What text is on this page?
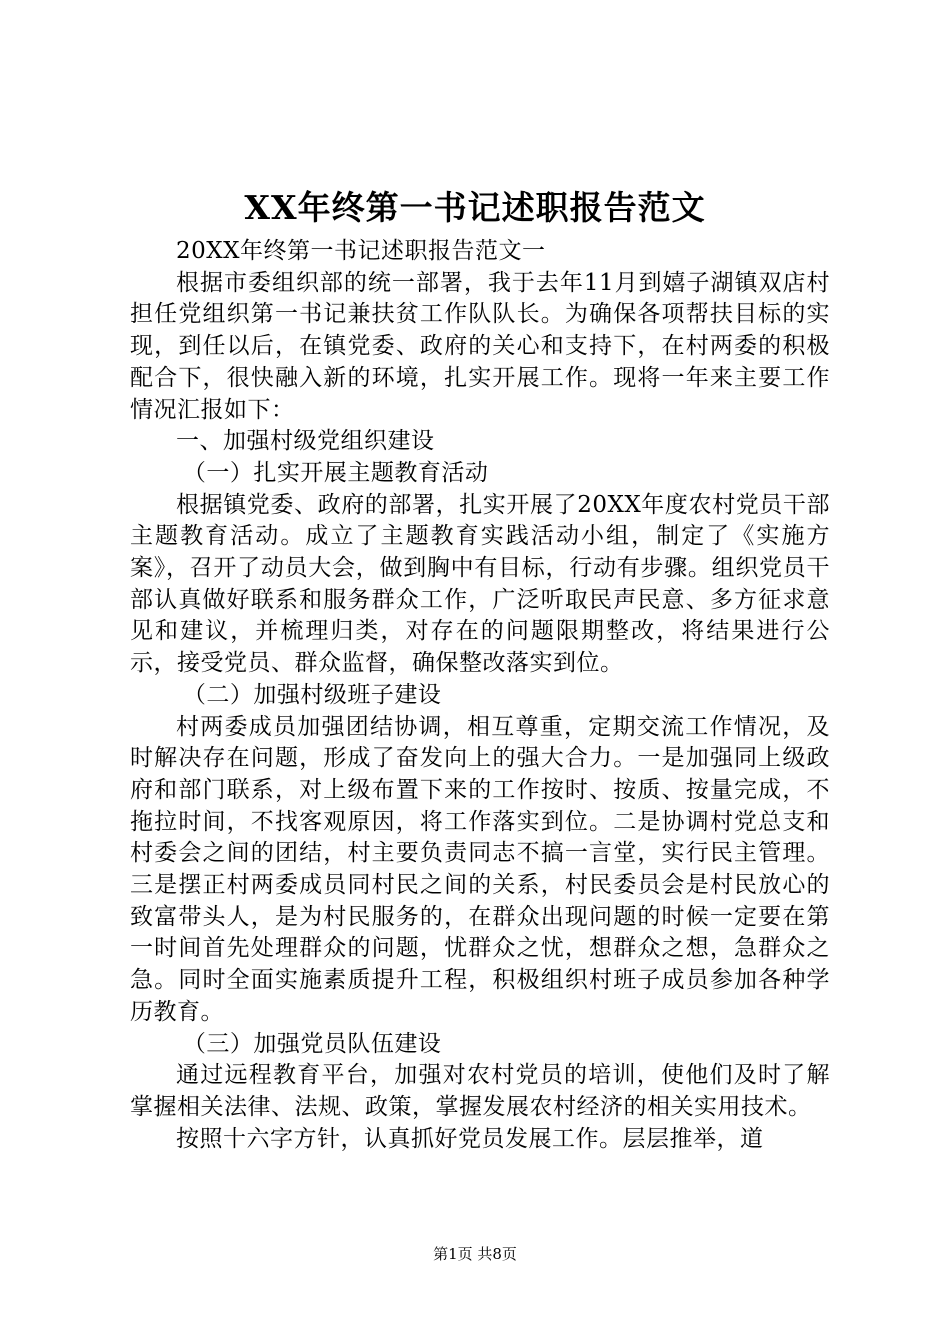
XX年终第一书记述职报告范文

20XX年终第一书记述职报告范文一

根据市委组织部的统一部署，我于去年11月到嬉子湖镇双店村担任党组织第一书记兼扶贫工作队队长。为确保各项帮扶目标的实现，到任以后，在镇党委、政府的关心和支持下，在村两委的积极配合下，很快融入新的环境，扎实开展工作。现将一年来主要工作情况汇报如下：

一、加强村级党组织建设

（一）扎实开展主题教育活动

根据镇党委、政府的部署，扎实开展了20XX年度农村党员干部主题教育活动。成立了主题教育实践活动小组，制定了《实施方案》，召开了动员大会，做到胸中有目标，行动有步骤。组织党员干部认真做好联系和服务群众工作，广泛听取民声民意、多方征求意见和建议，并梳理归类，对存在的问题限期整改，将结果进行公示，接受党员、群众监督，确保整改落实到位。

（二）加强村级班子建设

村两委成员加强团结协调，相互尊重，定期交流工作情况，及时解决存在问题，形成了奋发向上的强大合力。一是加强同上级政府和部门联系，对上级布置下来的工作按时、按质、按量完成，不拖拉时间，不找客观原因，将工作落实到位。二是协调村党总支和村委会之间的团结，村主要负责同志不搞一言堂，实行民主管理。三是摆正村两委成员同村民之间的关系，村民委员会是村民放心的致富带头人，是为村民服务的，在群众出现问题的时候一定要在第一时间首先处理群众的问题，忧群众之忧，想群众之想，急群众之急。同时全面实施素质提升工程，积极组织村班子成员参加各种学历教育。

（三）加强党员队伍建设

通过远程教育平台，加强对农村党员的培训，使他们及时了解掌握相关法律、法规、政策，掌握发展农村经济的相关实用技术。

按照十六字方针，认真抓好党员发展工作。层层推举，道

第1页 共8页
